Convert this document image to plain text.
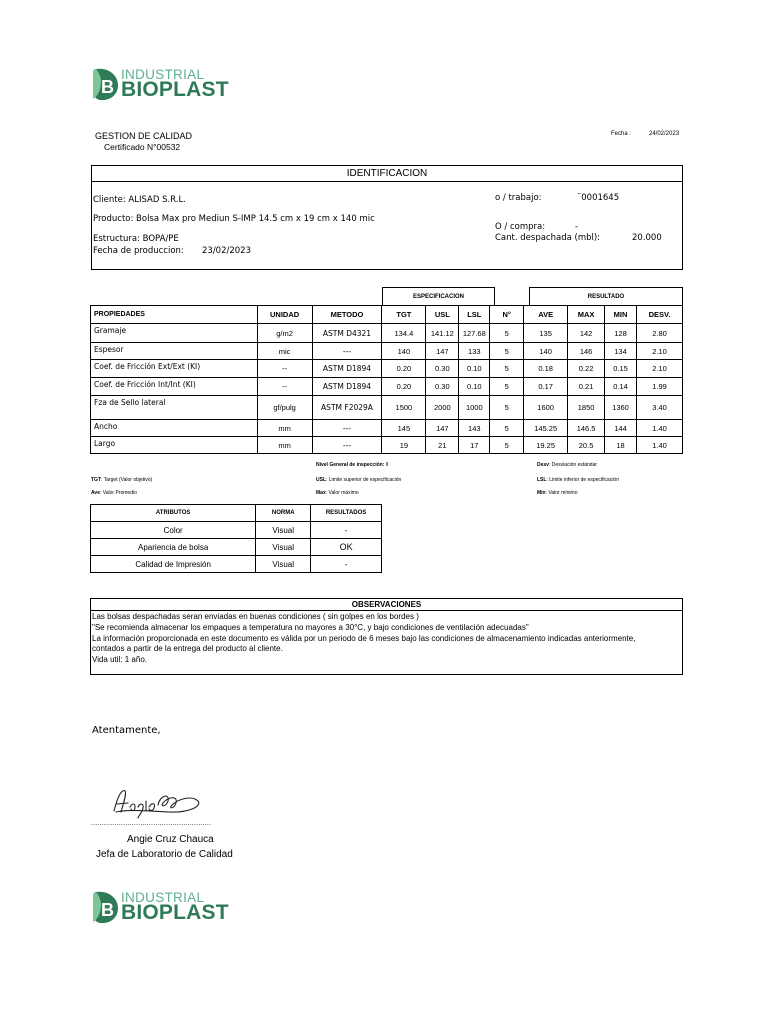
B
INDUSTRIAL
BIOPLAST
GESTION DE CALIDAD
Certificado N°00532
Fecha :	24/02/2023
IDENTIFICACION
Cliente: ALISAD S.R.L.
Producto: Bolsa Max pro Mediun S-IMP 14.5 cm x 19 cm x 140 mic
Estructura: BOPA/PE
Fecha de produccion: 23/02/2023
o / trabajo:	¨0001645
O / compra:	-
Cant. despachada (mbl):	20.000
ESPECIFICACION	RESULTADO
PROPIEDADES	UNIDAD	METODO	TGT	USL	LSL	N°	AVE	MAX	MIN	DESV.
Gramaje	g/m2	ASTM D4321	134.4	141.12	127.68	5	135	142	128	2.80
Espesor	mic	---	140	147	133	5	140	146	134	2.10
Coef. de Fricción Ext/Ext (KI)	--	ASTM D1894	0.20	0.30	0.10	5	0.18	0.22	0.15	2.10
Coef. de Fricción Int/Int (KI)	--	ASTM D1894	0.20	0.30	0.10	5	0.17	0.21	0.14	1.99
Fza de Sello lateral	gf/pulg	ASTM F2029A	1500	2000	1000	5	1600	1850	1360	3.40
Ancho	mm	---	145	147	143	5	145.25	146.5	144	1.40
Largo	mm	---	19	21	17	5	19.25	20.5	18	1.40
Nivel General de inspección: II	Desv: Desviación estándar
TGT: Target (Valor objetivo)	USL: Limite superior de especificación	LSL: Limite inferior de especificación
Ave: Valor Promedio	Max: Valor máximo	Min: Valor mínimo
ATRIBUTOS	NORMA	RESULTADOS
Color	Visual	-
Apariencia de bolsa	Visual	OK
Calidad de Impresión	Visual	-
OBSERVACIONES
Las bolsas despachadas seran enviadas en buenas condiciones ( sin golpes en los bordes )
"Se recomienda almacenar los empaques a temperatura no mayores a 30°C, y bajo condiciones de ventilación adecuadas"
La información proporcionada en este documento es válida por un periodo de 6 meses bajo las condiciones de almacenamiento indicadas anteriormente,
contados a partir de la entrega del producto al cliente.
Vida util: 1 año.
Atentamente,
........................................................
Angie Cruz Chauca
Jefa de Laboratorio de Calidad
B
INDUSTRIAL
BIOPLAST
